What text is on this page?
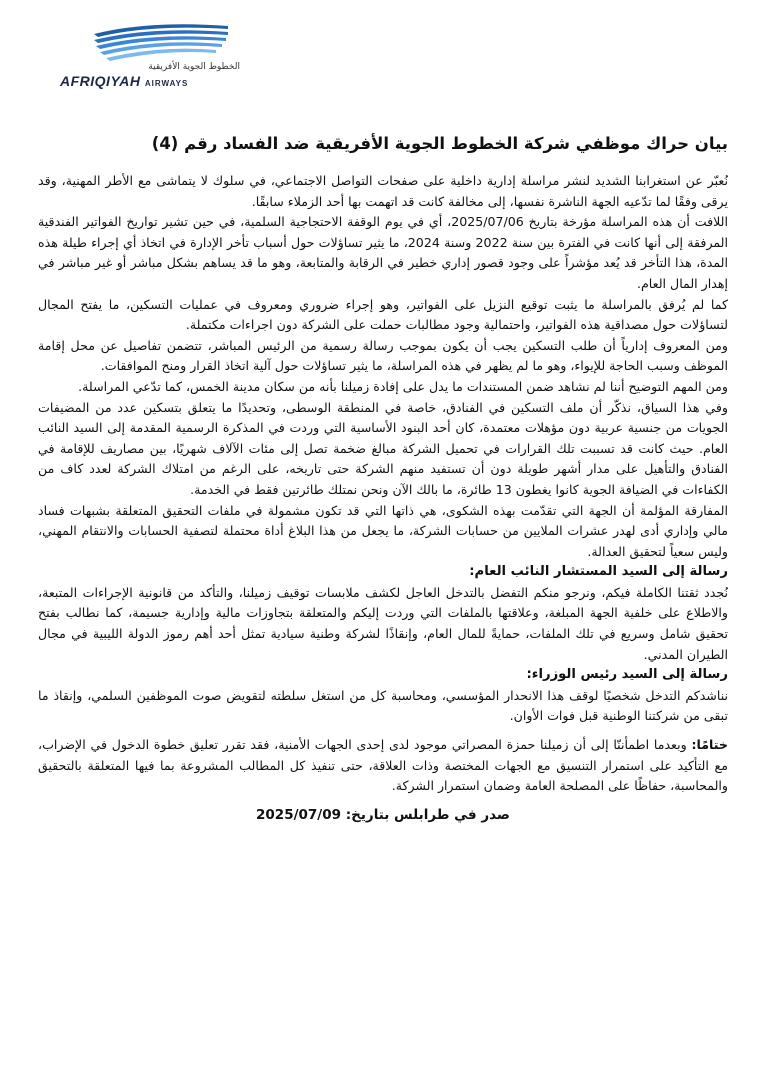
الخطوط الجوية الأفريقية
AFRIQIYAH AIRWAYS
بيان حراك موظفي شركة الخطوط الجوية الأفريقية ضد الفساد رقم (4)

نُعبّر عن استغرابنا الشديد لنشر مراسلة إدارية داخلية على صفحات التواصل الاجتماعي، في سلوك لا يتماشى مع الأطر المهنية، وقد يرقى وفقًا لما تدّعيه الجهة الناشرة نفسها، إلى مخالفة كانت قد اتهمت بها أحد الزملاء سابقًا.

اللافت أن هذه المراسلة مؤرخة بتاريخ 2025/07/06، أي في يوم الوقفة الاحتجاجية السلمية، في حين تشير تواريخ الفواتير الفندقية المرفقة إلى أنها كانت في الفترة بين سنة 2022 وسنة 2024، ما يثير تساؤلات حول أسباب تأخر الإدارة في اتخاذ أي إجراء طيلة هذه المدة، هذا التأخر قد يُعد مؤشراً على وجود قصور إداري خطير في الرقابة والمتابعة، وهو ما قد يساهم بشكل مباشر أو غير مباشر في إهدار المال العام.

كما لم يُرفق بالمراسلة ما يثبت توقيع النزيل على الفواتير، وهو إجراء ضروري ومعروف في عمليات التسكين، ما يفتح المجال لتساؤلات حول مصداقية هذه الفواتير، واحتمالية وجود مطالبات حملت على الشركة دون اجراءات مكتملة.

ومن المعروف إدارياً أن طلب التسكين يجب أن يكون بموجب رسالة رسمية من الرئيس المباشر، تتضمن تفاصيل عن محل إقامة الموظف وسبب الحاجة للإيواء، وهو ما لم يظهر في هذه المراسلة، ما يثير تساؤلات حول آلية اتخاذ القرار ومنح الموافقات.

ومن المهم التوضيح أننا لم نشاهد ضمن المستندات ما يدل على إفادة زميلنا بأنه من سكان مدينة الخمس، كما تدّعي المراسلة.

وفي هذا السياق، نذكّر أن ملف التسكين في الفنادق، خاصة في المنطقة الوسطى، وتحديدًا ما يتعلق بتسكين عدد من المضيفات الجويات من جنسية عربية دون مؤهلات معتمدة، كان أحد البنود الأساسية التي وردت في المذكرة الرسمية المقدمة إلى السيد النائب العام. حيث كانت قد تسببت تلك القرارات في تحميل الشركة مبالغ ضخمة تصل إلى مئات الآلاف شهريًا، بين مصاريف للإقامة في الفنادق والتأهيل على مدار أشهر طويلة دون أن تستفيد منهم الشركة حتى تاريخه، على الرغم من امتلاك الشركة لعدد كاف من الكفاءات في الضيافة الجوية كانوا يغطون 13 طائرة، ما بالك الآن ونحن نمتلك طائرتين فقط في الخدمة.

المفارقة المؤلمة أن الجهة التي تقدّمت بهذه الشكوى، هي ذاتها التي قد تكون مشمولة في ملفات التحقيق المتعلقة بشبهات فساد مالي وإداري أدى لهدر عشرات الملايين من حسابات الشركة، ما يجعل من هذا البلاغ أداة محتملة لتصفية الحسابات والانتقام المهني، وليس سعياً لتحقيق العدالة.

رسالة إلى السيد المستشار النائب العام:

نُجدد ثقتنا الكاملة فيكم، ونرجو منكم التفضل بالتدخل العاجل لكشف ملابسات توقيف زميلنا، والتأكد من قانونية الإجراءات المتبعة، والاطلاع على خلفية الجهة المبلغة، وعلاقتها بالملفات التي وردت إليكم والمتعلقة بتجاوزات مالية وإدارية جسيمة، كما نطالب بفتح تحقيق شامل وسريع في تلك الملفات، حمايةً للمال العام، وإنقاذًا لشركة وطنية سيادية تمثل أحد أهم رموز الدولة الليبية في مجال الطيران المدني.

رسالة إلى السيد رئيس الوزراء:

نناشدكم التدخل شخصيًا لوقف هذا الانحدار المؤسسي، ومحاسبة كل من استغل سلطته لتقويض صوت الموظفين السلمي، وإنقاذ ما تبقى من شركتنا الوطنية قبل فوات الأوان.

ختامًا: وبعدما اطمأننّا إلى أن زميلنا حمزة المصراتي موجود لدى إحدى الجهات الأمنية، فقد تقرر تعليق خطوة الدخول في الإضراب، مع التأكيد على استمرار التنسيق مع الجهات المختصة وذات العلاقة، حتى تنفيذ كل المطالب المشروعة بما فيها المتعلقة بالتحقيق والمحاسبة، حفاظًا على المصلحة العامة وضمان استمرار الشركة.

صدر في طرابلس بتاريخ: 2025/07/09
